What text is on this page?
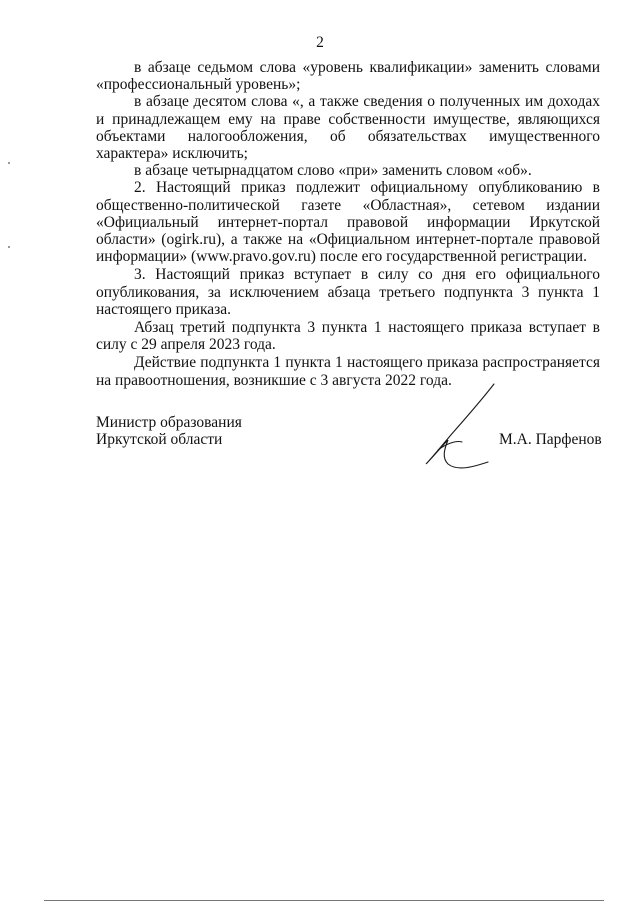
2

в абзаце седьмом слова «уровень квалификации» заменить словами «профессиональный уровень»;

в абзаце десятом слова «, а также сведения о полученных им доходах и принадлежащем ему на праве собственности имуществе, являющихся объектами налогообложения, об обязательствах имущественного характера» исключить;

в абзаце четырнадцатом слово «при» заменить словом «об».

2. Настоящий приказ подлежит официальному опубликованию в общественно-политической газете «Областная», сетевом издании «Официальный интернет-портал правовой информации Иркутской области» (ogirk.ru), а также на «Официальном интернет-портале правовой информации» (www.pravo.gov.ru) после его государственной регистрации.

3. Настоящий приказ вступает в силу со дня его официального опубликования, за исключением абзаца третьего подпункта 3 пункта 1 настоящего приказа.

Абзац третий подпункта 3 пункта 1 настоящего приказа вступает в силу с 29 апреля 2023 года.

Действие подпункта 1 пункта 1 настоящего приказа распространяется на правоотношения, возникшие с 3 августа 2022 года.

Министр образования
Иркутской области	М.А. Парфенов
